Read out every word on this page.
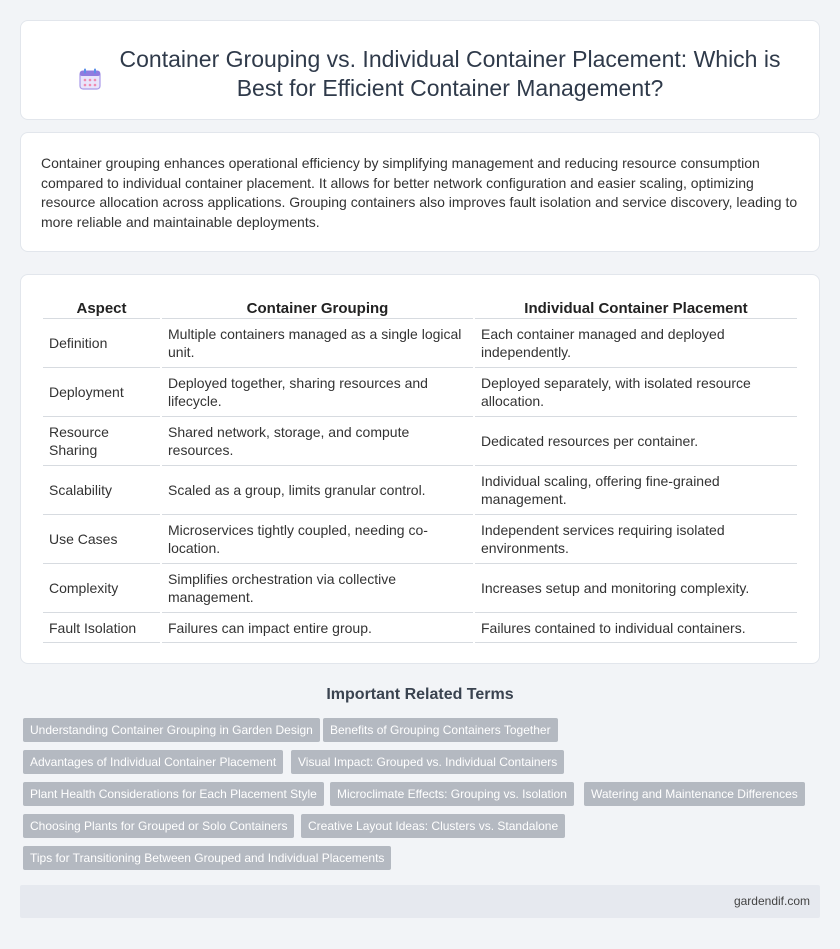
Container Grouping vs. Individual Container Placement: Which is Best for Efficient Container Management?

Container grouping enhances operational efficiency by simplifying management and reducing resource consumption compared to individual container placement. It allows for better network configuration and easier scaling, optimizing resource allocation across applications. Grouping containers also improves fault isolation and service discovery, leading to more reliable and maintainable deployments.

Aspect	Container Grouping	Individual Container Placement
Definition	Multiple containers managed as a single logical unit.	Each container managed and deployed independently.
Deployment	Deployed together, sharing resources and lifecycle.	Deployed separately, with isolated resource allocation.
Resource Sharing	Shared network, storage, and compute resources.	Dedicated resources per container.
Scalability	Scaled as a group, limits granular control.	Individual scaling, offering fine-grained management.
Use Cases	Microservices tightly coupled, needing co-location.	Independent services requiring isolated environments.
Complexity	Simplifies orchestration via collective management.	Increases setup and monitoring complexity.
Fault Isolation	Failures can impact entire group.	Failures contained to individual containers.
Important Related Terms
Understanding Container Grouping in Garden Design	Benefits of Grouping Containers Together
Advantages of Individual Container Placement	Visual Impact: Grouped vs. Individual Containers
Plant Health Considerations for Each Placement Style	Microclimate Effects: Grouping vs. Isolation	Watering and Maintenance Differences
Choosing Plants for Grouped or Solo Containers	Creative Layout Ideas: Clusters vs. Standalone
Tips for Transitioning Between Grouped and Individual Placements
gardendif.com
